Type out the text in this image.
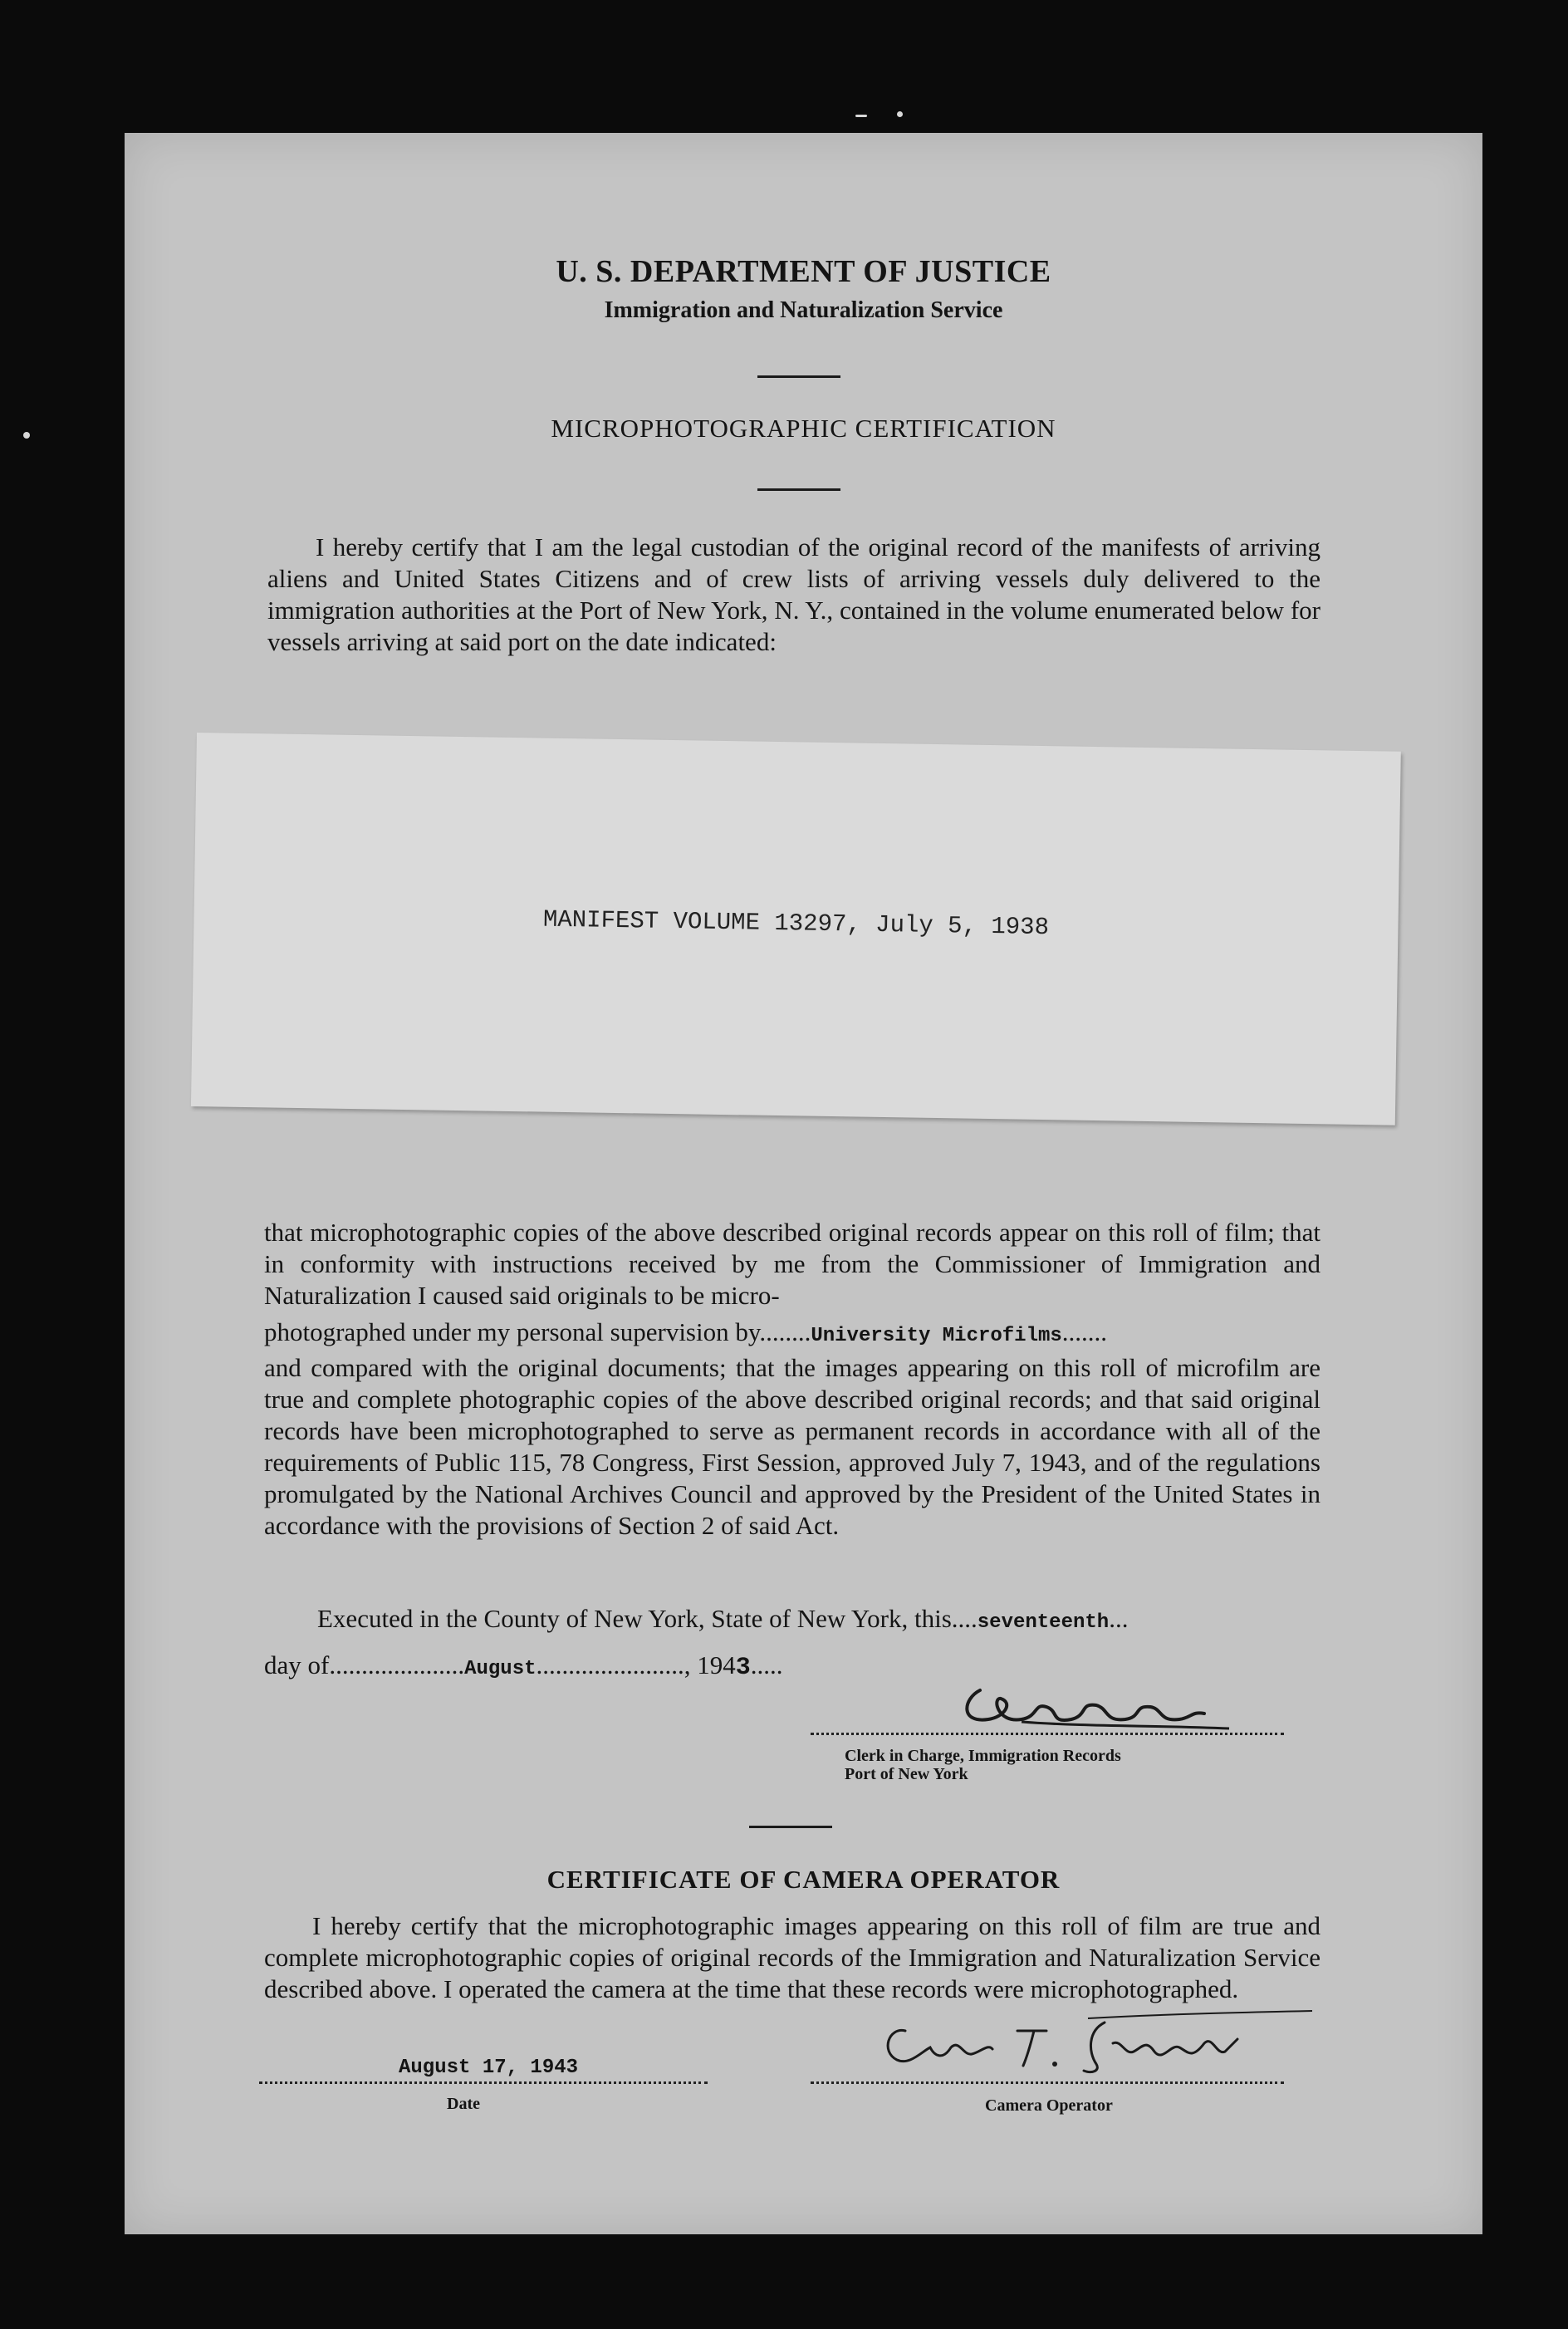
U. S. DEPARTMENT OF JUSTICE
Immigration and Naturalization Service
MICROPHOTOGRAPHIC CERTIFICATION

I hereby certify that I am the legal custodian of the original record of the manifests of arriving aliens and United States Citizens and of crew lists of arriving vessels duly delivered to the immigration authorities at the Port of New York, N. Y., contained in the volume enumerated below for vessels arriving at said port on the date indicated:

MANIFEST VOLUME 13297, July 5, 1938

that microphotographic copies of the above described original records appear on this roll of film; that in conformity with instructions received by me from the Commissioner of Immigration and Naturalization I caused said originals to be micro-

photographed under my personal supervision by........University Microfilms.......

and compared with the original documents; that the images appearing on this roll of microfilm are true and complete photographic copies of the above described original records; and that said original records have been microphotographed to serve as permanent records in accordance with all of the requirements of Public 115, 78 Congress, First Session, approved July 7, 1943, and of the regulations promulgated by the National Archives Council and approved by the President of the United States in accordance with the provisions of Section 2 of said Act.

Executed in the County of New York, State of New York, this....seventeenth...
day of.....................August......................., 1943.....
Clerk in Charge, Immigration Records
Port of New York
CERTIFICATE OF CAMERA OPERATOR

I hereby certify that the microphotographic images appearing on this roll of film are true and complete microphotographic copies of original records of the Immigration and Naturalization Service described above. I operated the camera at the time that these records were microphotographed.

August 17, 1943
Date	Camera Operator
